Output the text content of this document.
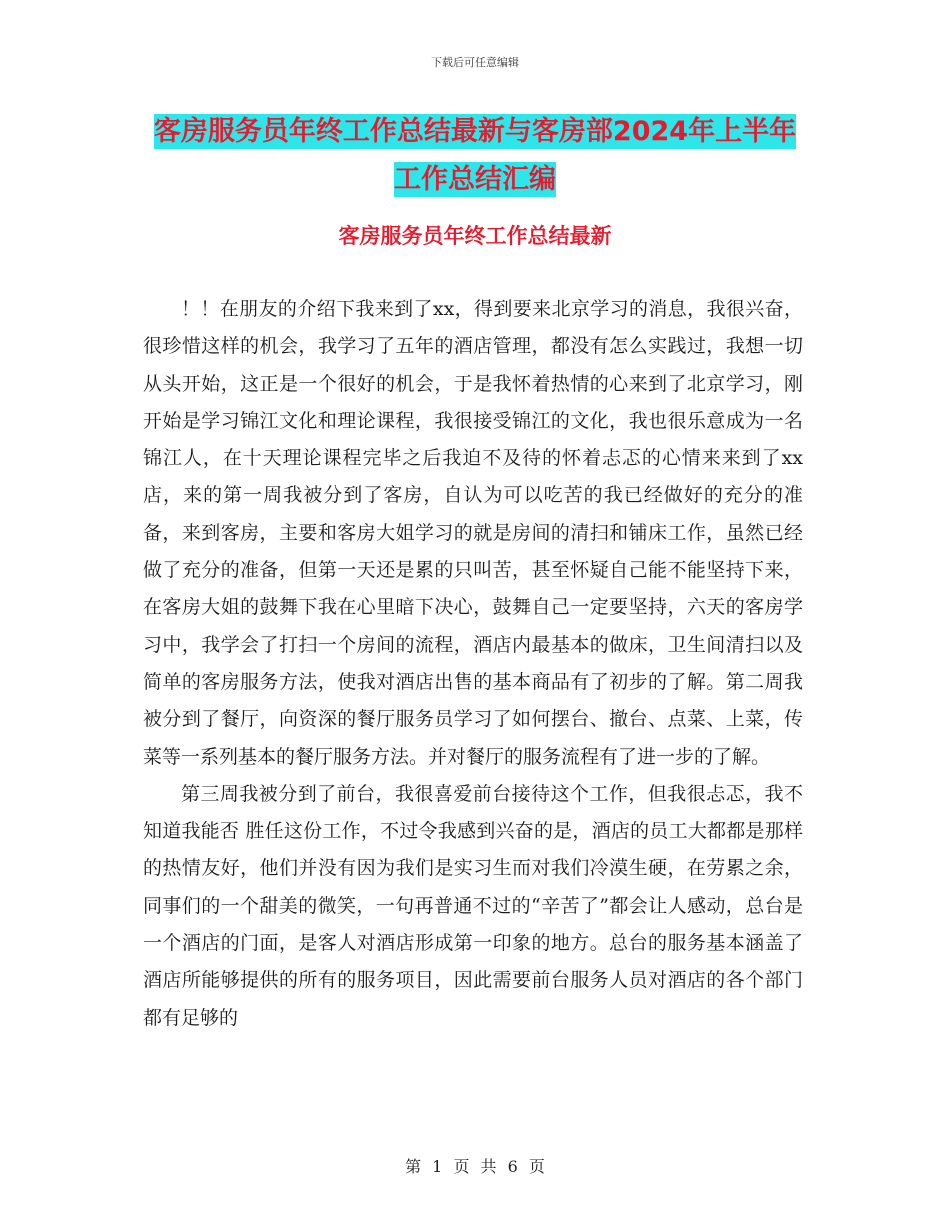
下载后可任意编辑
客房服务员年终工作总结最新与客房部2024年上半年
工作总结汇编
客房服务员年终工作总结最新

！！在朋友的介绍下我来到了xx，得到要来北京学习的消息，我很兴奋，很珍惜这样的机会，我学习了五年的酒店管理，都没有怎么实践过，我想一切从头开始，这正是一个很好的机会，于是我怀着热情的心来到了北京学习，刚开始是学习锦江文化和理论课程，我很接受锦江的文化，我也很乐意成为一名锦江人，在十天理论课程完毕之后我迫不及待的怀着忐忑的心情来来到了xx店，来的第一周我被分到了客房，自认为可以吃苦的我已经做好的充分的准备，来到客房，主要和客房大姐学习的就是房间的清扫和铺床工作，虽然已经做了充分的准备，但第一天还是累的只叫苦，甚至怀疑自己能不能坚持下来，在客房大姐的鼓舞下我在心里暗下决心，鼓舞自己一定要坚持，六天的客房学习中，我学会了打扫一个房间的流程，酒店内最基本的做床，卫生间清扫以及简单的客房服务方法，使我对酒店出售的基本商品有了初步的了解。第二周我被分到了餐厅，向资深的餐厅服务员学习了如何摆台、撤台、点菜、上菜，传菜等一系列基本的餐厅服务方法。并对餐厅的服务流程有了进一步的了解。

第三周我被分到了前台，我很喜爱前台接待这个工作，但我很忐忑，我不知道我能否 胜任这份工作，不过令我感到兴奋的是，酒店的员工大都都是那样的热情友好，他们并没有因为我们是实习生而对我们冷漠生硬，在劳累之余，同事们的一个甜美的微笑，一句再普通不过的“辛苦了”都会让人感动，总台是一个酒店的门面，是客人对酒店形成第一印象的地方。总台的服务基本涵盖了酒店所能够提供的所有的服务项目，因此需要前台服务人员对酒店的各个部门都有足够的

第 1 页 共 6 页
